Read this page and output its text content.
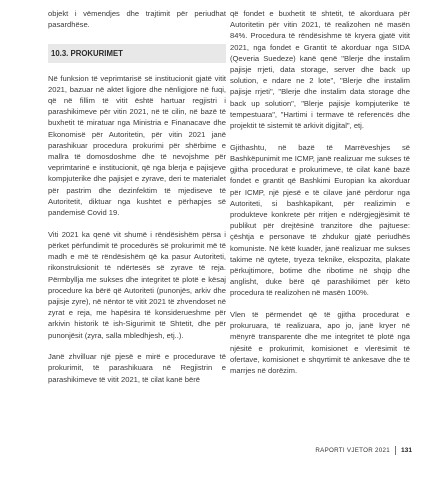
objekt i vëmendjes dhe trajtimit për periudhat pasardhëse.

10.3. PROKURIMET

Në funksion të veprimtarisë së institucionit gjatë vitit 2021, bazuar në aktet ligjore dhe nënligjore në fuqi, që në fillim të vitit është hartuar regjistri i parashikimeve për vitin 2021, në të cilin, në bazë të buxhetit të miratuar nga Ministria e Finanacave dhe Ekonomisë për Autoritetin, për vitin 2021 janë parashikuar procedura prokurimi për shërbime e mallra të domosdoshme dhe të nevojshme për veprimtarinë e institucionit, që nga blerja e pajisjeve kompjuterike dhe pajisjet e zyrave, deri te materialet për pastrim dhe dezinfektim të mjediseve të Autoritetit, diktuar nga kushtet e përhapjes së pandemisë Covid 19.

Viti 2021 ka qenë vit shumë i rëndësishëm përsa i përket përfundimit të procedurës së prokurimit më të madh e më të rëndësishëm që ka pasur Autoriteti, rikonstruksionit të ndërtesës së zyrave të reja. Përmbyllja me sukses dhe integritet të plotë e kësaj procedure ka bërë që Autoriteti (punonjës, arkiv dhe pajisje zyre), në nëntor të vitit 2021 të zhvendoset në zyrat e reja, me hapësira të konsiderueshme për arkivin historik të ish-Sigurimit të Shtetit, dhe për punonjësit (zyra, salla mbledhjesh, etj..).

Janë zhvilluar një pjesë e mirë e procedurave të prokurimit, të parashikuara në Regjistrin e parashikimeve të vitit 2021, të cilat kanë bërë

që fondet e buxhetit të shtetit, të akorduara për Autoritetin për vitin 2021, të realizohen në masën 84%. Procedura të rëndësishme të kryera gjatë vitit 2021, nga fondet e Grantit të akorduar nga SIDA (Qeveria Suedeze) kanë qenë "Blerje dhe instalim pajisje rrjeti, data storage, server dhe back up solution, e ndare ne 2 lote", "Blerje dhe instalim pajisje rrjeti", "Blerje dhe instalim data storage dhe back up solution", "Blerje pajisje kompjuterike të tempestuara", "Hartimi i termave të referencës dhe projektit të sistemit të arkivit digjital", etj.

Gjithashtu, në bazë të Marrëveshjes së Bashkëpunimit me ICMP, janë realizuar me sukses të gjitha procedurat e prokurimeve, të cilat kanë bazë fondet e grantit që Bashkimi Europian ka akorduar për ICMP, një pjesë e të cilave janë përdorur nga Autoriteti, si bashkapikant, për realizimin e produkteve konkrete për rritjen e ndërgjegjësimit të publikut për drejtësinë tranzitore dhe pajtuese: çështja e personave të zhdukur gjatë periudhës komuniste. Në këtë kuadër, janë realizuar me sukses takime në qytete, tryeza teknike, ekspozita, plakate përkujtimore, botime dhe ribotime në shqip dhe anglisht, duke bërë që parashikimet për këto procedura të realizohen në masën 100%.

Vlen të përmendet që të gjitha procedurat e prokuruara, të realizuara, apo jo, janë kryer në mënyrë transparente dhe me integritet të plotë nga njësitë e prokurimit, komisionet e vlerësimit të ofertave, komisionet e shqyrtimit të ankesave dhe të marrjes në dorëzim.

RAPORTI VJETOR 2021 131
